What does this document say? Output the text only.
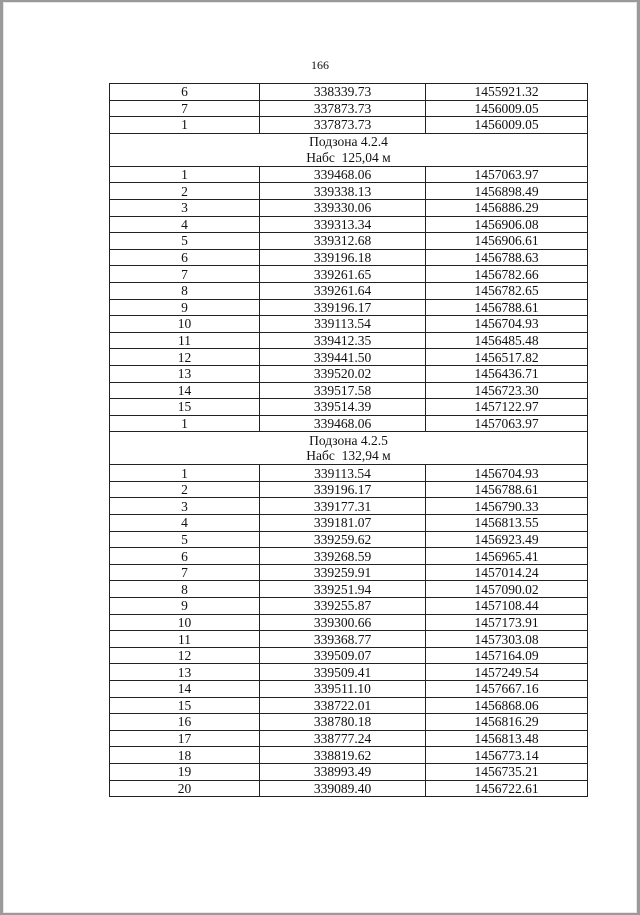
166
6	338339.73	1455921.32
7	337873.73	1456009.05
1	337873.73	1456009.05

Подзона 4.2.4
Набс  125,04 м		

1	339468.06	1457063.97
2	339338.13	1456898.49
3	339330.06	1456886.29
4	339313.34	1456906.08
5	339312.68	1456906.61
6	339196.18	1456788.63
7	339261.65	1456782.66
8	339261.64	1456782.65
9	339196.17	1456788.61
10	339113.54	1456704.93
11	339412.35	1456485.48
12	339441.50	1456517.82
13	339520.02	1456436.71
14	339517.58	1456723.30
15	339514.39	1457122.97
1	339468.06	1457063.97

Подзона 4.2.5
Набс  132,94 м		

1	339113.54	1456704.93
2	339196.17	1456788.61
3	339177.31	1456790.33
4	339181.07	1456813.55
5	339259.62	1456923.49
6	339268.59	1456965.41
7	339259.91	1457014.24
8	339251.94	1457090.02
9	339255.87	1457108.44
10	339300.66	1457173.91
11	339368.77	1457303.08
12	339509.07	1457164.09
13	339509.41	1457249.54
14	339511.10	1457667.16
15	338722.01	1456868.06
16	338780.18	1456816.29
17	338777.24	1456813.48
18	338819.62	1456773.14
19	338993.49	1456735.21
20	339089.40	1456722.61
